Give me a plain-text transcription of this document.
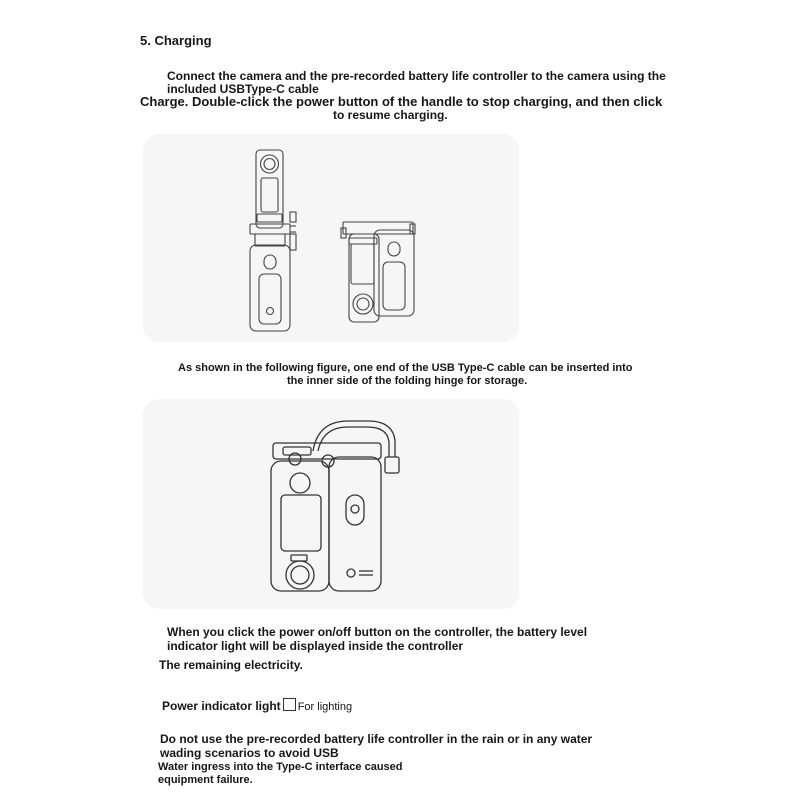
5. Charging
Connect the camera and the pre-recorded battery life controller to the camera using the
included USBType-C cable
Charge. Double-click the power button of the handle to stop charging, and then click
to resume charging.
As shown in the following figure, one end of the USB Type-C cable can be inserted into
the inner side of the folding hinge for storage.
When you click the power on/off button on the controller, the battery level
indicator light will be displayed inside the controller
The remaining electricity.
Power indicator light For lighting
Do not use the pre-recorded battery life controller in the rain or in any water
wading scenarios to avoid USB
Water ingress into the Type-C interface caused
equipment failure.
